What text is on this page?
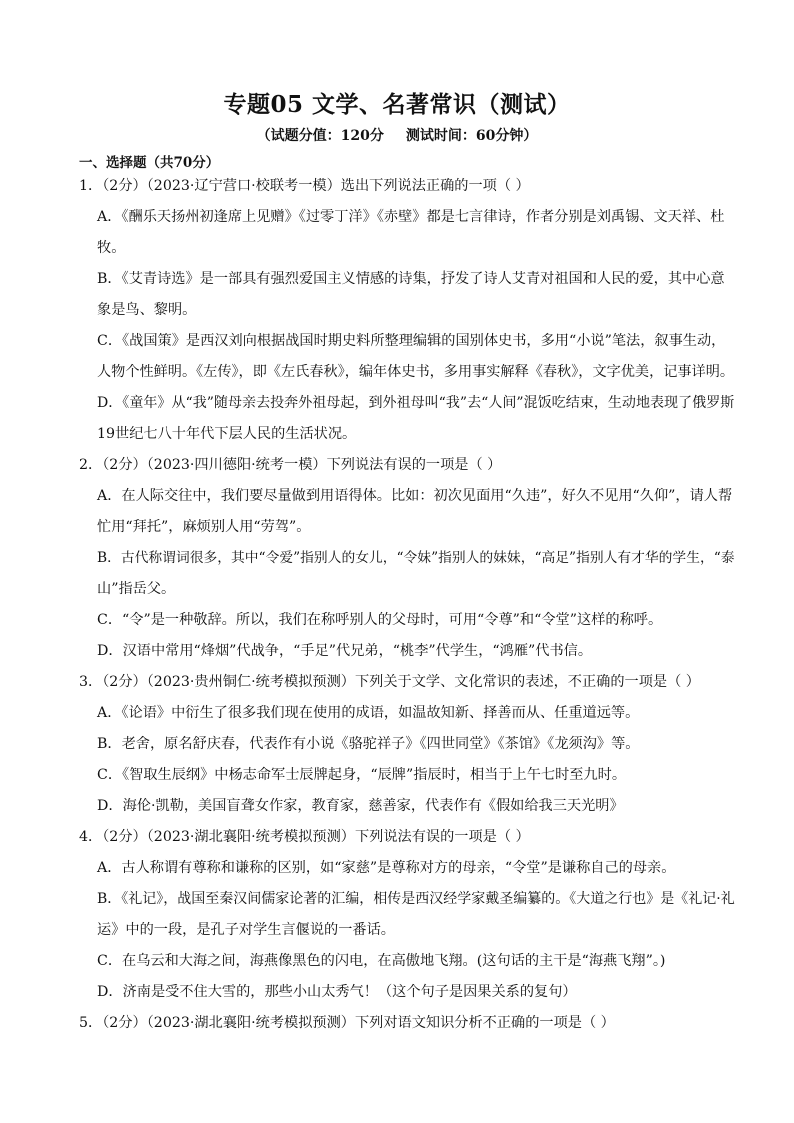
专题05 文学、名著常识（测试）
（试题分值：120分 测试时间：60分钟）
一、选择题（共70分）
1．（2分）（2023·辽宁营口·校联考一模）选出下列说法正确的一项（ ）
A．《酬乐天扬州初逢席上见赠》《过零丁洋》《赤壁》都是七言律诗，作者分别是刘禹锡、文天祥、杜
牧。
B．《艾青诗选》是一部具有强烈爱国主义情感的诗集，抒发了诗人艾青对祖国和人民的爱，其中心意
象是鸟、黎明。
C．《战国策》是西汉刘向根据战国时期史料所整理编辑的国别体史书，多用“小说”笔法，叙事生动，
人物个性鲜明。《左传》，即《左氏春秋》，编年体史书，多用事实解释《春秋》，文字优美，记事详明。
D．《童年》从“我”随母亲去投奔外祖母起，到外祖母叫“我”去“人间”混饭吃结束，生动地表现了俄罗斯
19世纪七八十年代下层人民的生活状况。
2．（2分）（2023·四川德阳·统考一模）下列说法有误的一项是（ ）
A．在人际交往中，我们要尽量做到用语得体。比如：初次见面用“久违”，好久不见用“久仰”，请人帮
忙用“拜托”，麻烦别人用“劳驾”。
B．古代称谓词很多，其中“令爱”指别人的女儿，“令妹”指别人的妹妹，“高足”指别人有才华的学生，“泰
山”指岳父。
C．“令”是一种敬辞。所以，我们在称呼别人的父母时，可用“令尊”和“令堂”这样的称呼。
D．汉语中常用“烽烟”代战争，“手足”代兄弟，“桃李”代学生，“鸿雁”代书信。
3．（2分）（2023·贵州铜仁·统考模拟预测）下列关于文学、文化常识的表述，不正确的一项是（ ）
A．《论语》中衍生了很多我们现在使用的成语，如温故知新、择善而从、任重道远等。
B．老舍，原名舒庆春，代表作有小说《骆驼祥子》《四世同堂》《茶馆》《龙须沟》等。
C．《智取生辰纲》中杨志命军士辰牌起身，“辰牌”指辰时，相当于上午七时至九时。
D．海伦·凯勒，美国盲聋女作家，教育家，慈善家，代表作有《假如给我三天光明》
4．（2分）（2023·湖北襄阳·统考模拟预测）下列说法有误的一项是（ ）
A．古人称谓有尊称和谦称的区别，如“家慈”是尊称对方的母亲，“令堂”是谦称自己的母亲。
B．《礼记》，战国至秦汉间儒家论著的汇编，相传是西汉经学家戴圣编纂的。《大道之行也》是《礼记·礼
运》中的一段，是孔子对学生言偃说的一番话。
C．在乌云和大海之间，海燕像黑色的闪电，在高傲地飞翔。(这句话的主干是“海燕飞翔”。)
D．济南是受不住大雪的，那些小山太秀气！（这个句子是因果关系的复句）
5．（2分）（2023·湖北襄阳·统考模拟预测）下列对语文知识分析不正确的一项是（ ）
